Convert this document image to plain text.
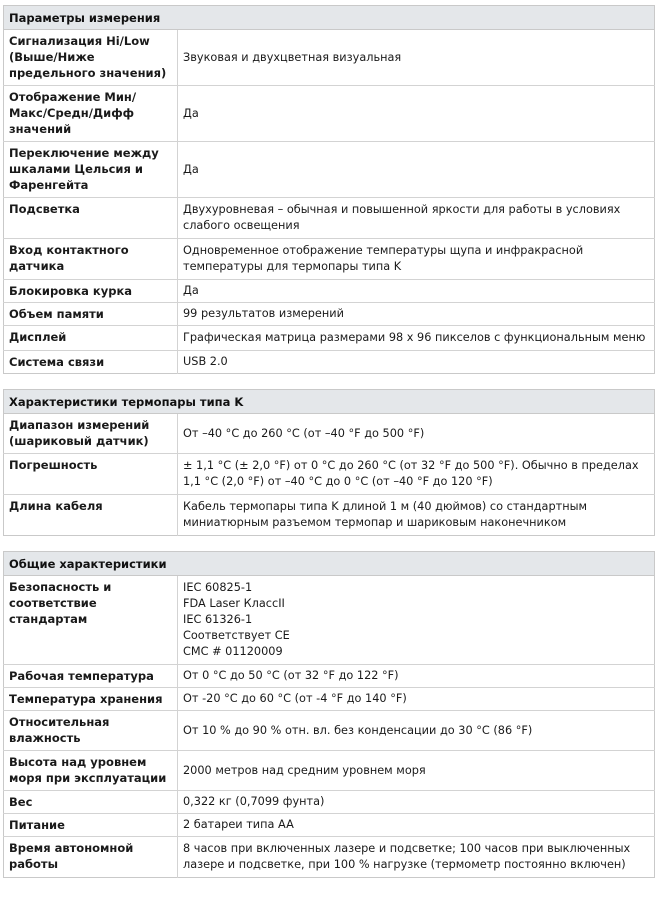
Параметры измерения	
Сигнализация Hi/Low (Выше/Ниже предельного значения)	Звуковая и двухцветная визуальная
Отображение Мин/Макс/Средн/Дифф значений	Да
Переключение между шкалами Цельсия и Фаренгейта	Да
Подсветка	Двухуровневая – обычная и повышенной яркости для работы в условиях слабого освещения
Вход контактного датчика	Одновременное отображение температуры щупа и инфракрасной температуры для термопары типа K
Блокировка курка	Да
Объем памяти	99 результатов измерений
Дисплей	Графическая матрица размерами 98 x 96 пикселов с функциональным меню
Система связи	USB 2.0
Характеристики термопары типа K	
Диапазон измерений (шариковый датчик)	От –40 °C до 260 °C (от –40 °F до 500 °F)
Погрешность	± 1,1 °C (± 2,0 °F) от 0 °C до 260 °C (от 32 °F до 500 °F). Обычно в пределах 1,1 °C (2,0 °F) от –40 °C до 0 °C (от –40 °F до 120 °F)
Длина кабеля	Кабель термопары типа K длиной 1 м (40 дюймов) со стандартным миниатюрным разъемом термопар и шариковым наконечником
Общие характеристики	
Безопасность и соответствие стандартам	IEC 60825-1
FDA Laser КлассII
IEC 61326-1
Соответствует CE
CMC # 01120009

Рабочая температура	От 0 °C до 50 °C (от 32 °F до 122 °F)
Температура хранения	От -20 °C до 60 °C (от -4 °F до 140 °F)
Относительная влажность	От 10 % до 90 % отн. вл. без конденсации до 30 °C (86 °F)
Высота над уровнем моря при эксплуатации	2000 метров над средним уровнем моря
Вес	0,322 кг (0,7099 фунта)
Питание	2 батареи типа AA
Время автономной работы	8 часов при включенных лазере и подсветке; 100 часов при выключенных лазере и подсветке, при 100 % нагрузке (термометр постоянно включен)
